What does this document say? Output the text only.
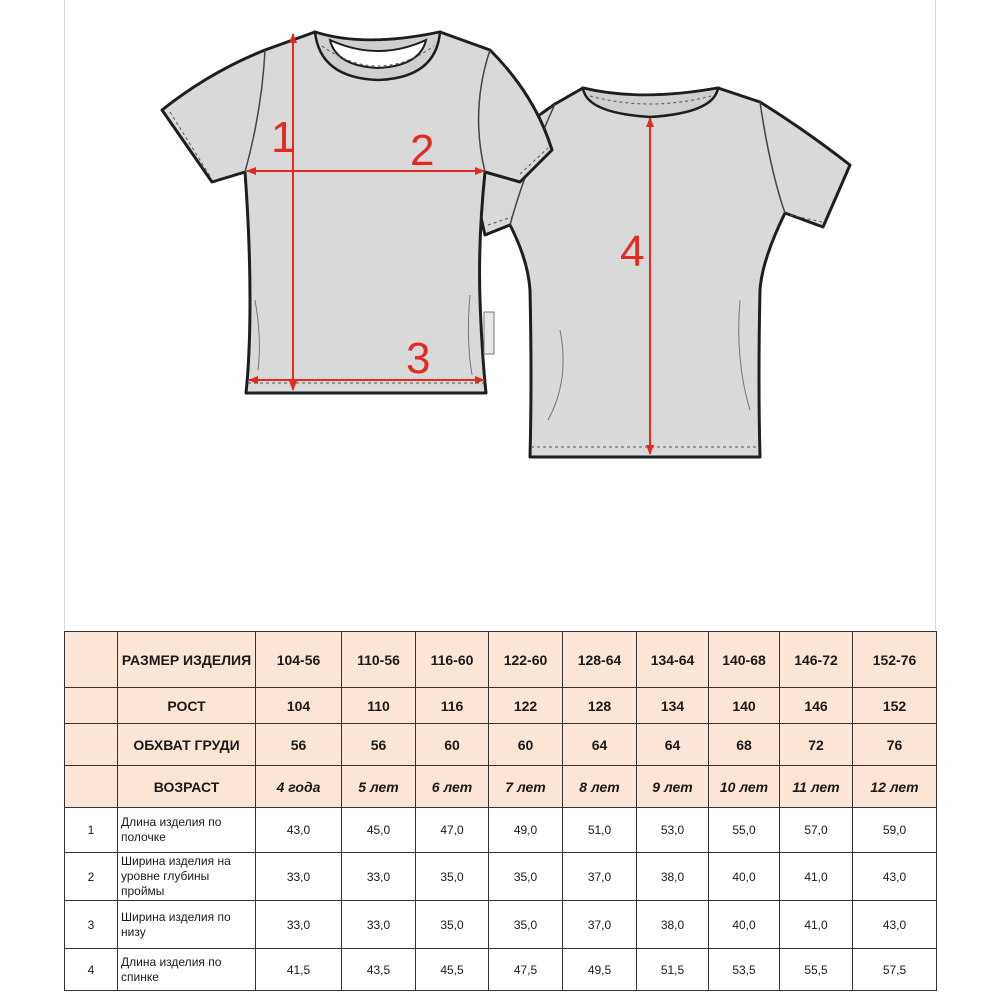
1	2
3
4
	РАЗМЕР ИЗДЕЛИЯ	104-56	110-56	116-60	122-60	128-64	134-64	140-68	146-72	152-76
	РОСТ	104	110	116	122	128	134	140	146	152
	ОБХВАТ ГРУДИ	56	56	60	60	64	64	68	72	76
	ВОЗРАСТ	4 года	5 лет	6 лет	7 лет	8 лет	9 лет	10 лет	11 лет	12 лет
1	Длина изделия по полочке	43,0	45,0	47,0	49,0	51,0	53,0	55,0	57,0	59,0
2	Ширина изделия на уровне глубины проймы	33,0	33,0	35,0	35,0	37,0	38,0	40,0	41,0	43,0
3	Ширина изделия по низу	33,0	33,0	35,0	35,0	37,0	38,0	40,0	41,0	43,0
4	Длина изделия по спинке	41,5	43,5	45,5	47,5	49,5	51,5	53,5	55,5	57,5
